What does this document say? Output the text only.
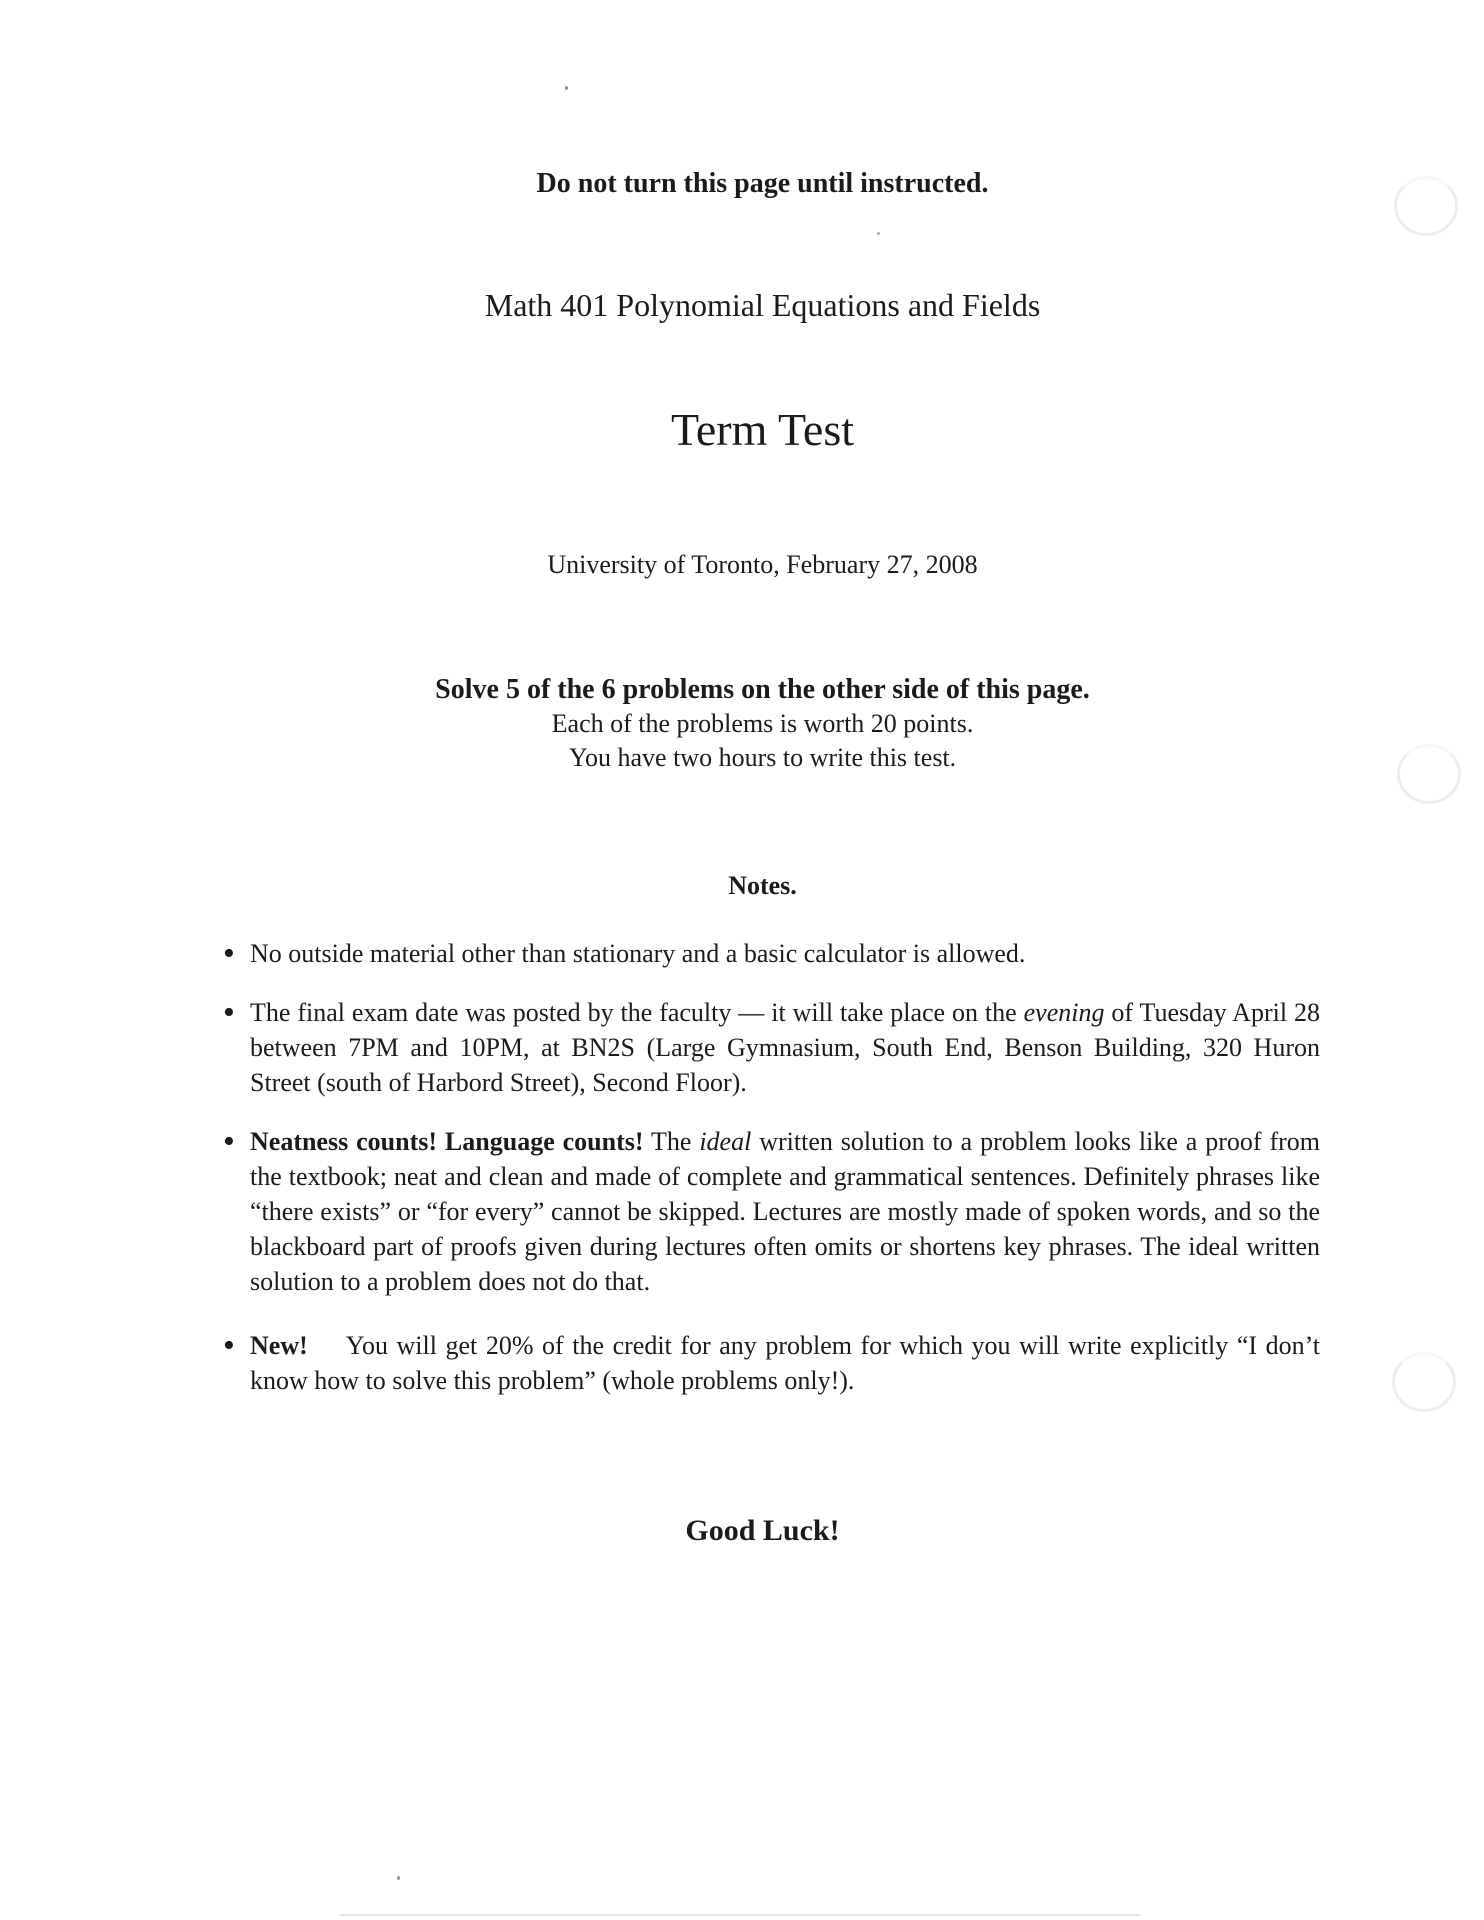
Do not turn this page until instructed.
Math 401 Polynomial Equations and Fields
Term Test
University of Toronto, February 27, 2008
Solve 5 of the 6 problems on the other side of this page.
Each of the problems is worth 20 points.
You have two hours to write this test.
Notes.
• No outside material other than stationary and a basic calculator is allowed.
• The final exam date was posted by the faculty — it will take place on the evening of Tuesday April 28 between 7PM and 10PM, at BN2S (Large Gymnasium, South End, Benson Building, 320 Huron Street (south of Harbord Street), Second Floor).
• Neatness counts! Language counts! The ideal written solution to a problem looks like a proof from the textbook; neat and clean and made of complete and grammatical sentences. Definitely phrases like “there exists” or “for every” cannot be skipped. Lectures are mostly made of spoken words, and so the blackboard part of proofs given during lectures often omits or shortens key phrases. The ideal written solution to a problem does not do that.
• New! You will get 20% of the credit for any problem for which you will write explicitly “I don’t know how to solve this problem” (whole problems only!).
Good Luck!
